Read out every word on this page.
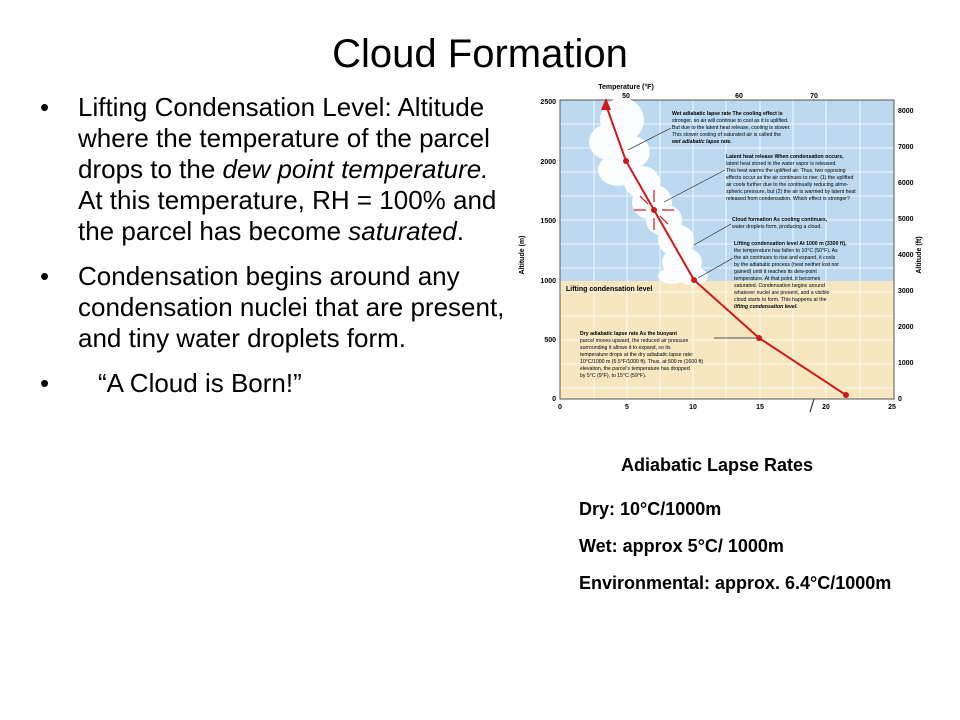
Cloud Formation
• Lifting Condensation Level: Altitude where the temperature of the parcel drops to the dew point temperature. At this temperature, RH = 100% and the parcel has become saturated.
• Condensation begins around any condensation nuclei that are present, and tiny water droplets form.
• “A Cloud is Born!”
Temperature (°F)
50	60	70
Altitude (m)
0
500
1000
1500
2000
2500
Altitude (ft)
0
1000
2000
3000
4000
5000
6000
7000
8000
0	5	10	15	20	25
Lifting condensation level
Wet adiabatic lapse rate The cooling effect is
stronger, so air will continue to cool as it is uplifted.
But due to the latent heat release, cooling is slower.
This slower cooling of saturated air is called the
wet adiabatic lapse rate.
Latent heat release When condensation occurs,
latent heat stored in the water vapor is released.
This heat warms the uplifted air. Thus, two opposing
effects occur as the air continues to rise: (1) the uplifted
air cools further due to the continually reducing atmo-
spheric pressure, but (2) the air is warmed by latent heat
released from condensation. Which effect is stronger?
Cloud formation As cooling continues,
water droplets form, producing a cloud.
Lifting condensation level At 1000 m (3300 ft),
the temperature has fallen to 10°C (50°F). As
the air continues to rise and expand, it cools
by the adiabatic process (heat neither lost nor
gained) until it reaches its dew-point
temperature. At that point, it becomes
saturated. Condensation begins around
whatever nuclei are present, and a visible
cloud starts to form. This happens at the
lifting condensation level.
Dry adiabatic lapse rate As the buoyant
parcel moves upward, the reduced air pressure
surrounding it allows it to expand, so its
temperature drops at the dry adiabatic lapse rate:
10°C/1000 m (5.5°F/1000 ft). Thus, at 500 m (1600 ft)
elevation, the parcel's temperature has dropped
by 5°C (9°F), to 15°C (59°F).
Adiabatic Lapse Rates
Dry: 10°C/1000m
Wet: approx 5°C/ 1000m
Environmental: approx. 6.4°C/1000m
